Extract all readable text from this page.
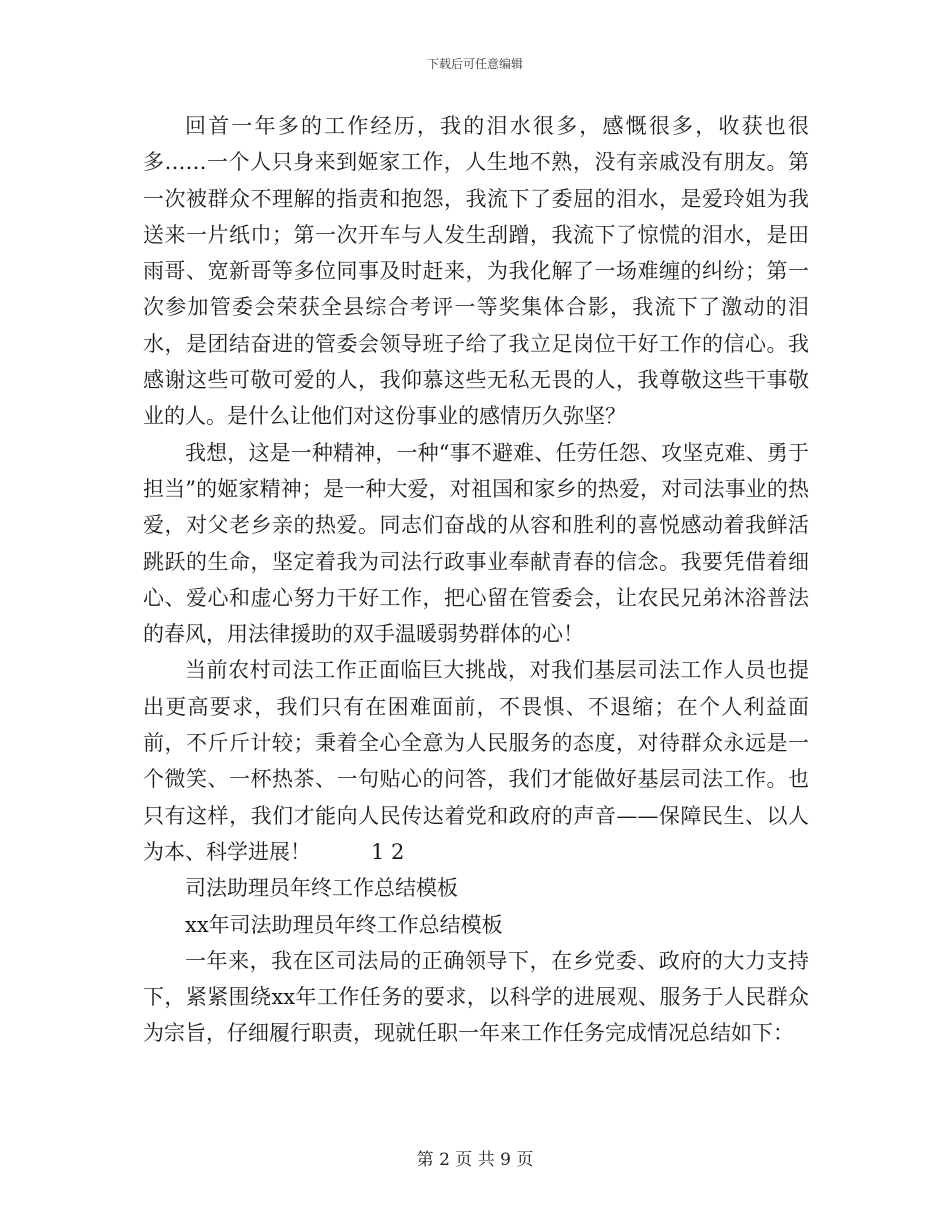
下载后可任意编辑

回首一年多的工作经历，我的泪水很多，感慨很多，收获也很多……一个人只身来到姬家工作，人生地不熟，没有亲戚没有朋友。第一次被群众不理解的指责和抱怨，我流下了委屈的泪水，是爱玲姐为我送来一片纸巾；第一次开车与人发生刮蹭，我流下了惊慌的泪水，是田雨哥、宽新哥等多位同事及时赶来，为我化解了一场难缠的纠纷；第一次参加管委会荣获全县综合考评一等奖集体合影，我流下了激动的泪水，是团结奋进的管委会领导班子给了我立足岗位干好工作的信心。我感谢这些可敬可爱的人，我仰慕这些无私无畏的人，我尊敬这些干事敬业的人。是什么让他们对这份事业的感情历久弥坚？

我想，这是一种精神，一种“事不避难、任劳任怨、攻坚克难、勇于担当”的姬家精神；是一种大爱，对祖国和家乡的热爱，对司法事业的热爱，对父老乡亲的热爱。同志们奋战的从容和胜利的喜悦感动着我鲜活跳跃的生命，坚定着我为司法行政事业奉献青春的信念。我要凭借着细心、爱心和虚心努力干好工作，把心留在管委会，让农民兄弟沐浴普法的春风，用法律援助的双手温暖弱势群体的心！

当前农村司法工作正面临巨大挑战，对我们基层司法工作人员也提出更高要求，我们只有在困难面前，不畏惧、不退缩；在个人利益面前，不斤斤计较；秉着全心全意为人民服务的态度，对待群众永远是一个微笑、一杯热茶、一句贴心的问答，我们才能做好基层司法工作。也只有这样，我们才能向人民传达着党和政府的声音——保障民生、以人为本、科学进展！	1 2

司法助理员年终工作总结模板

xx年司法助理员年终工作总结模板

一年来，我在区司法局的正确领导下，在乡党委、政府的大力支持下，紧紧围绕xx年工作任务的要求，以科学的进展观、服务于人民群众为宗旨，仔细履行职责，现就任职一年来工作任务完成情况总结如下：

第 2 页 共 9 页
